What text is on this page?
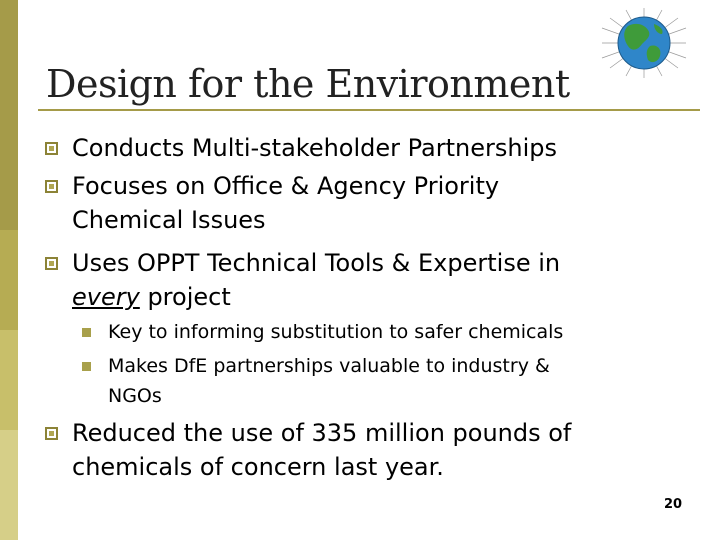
Design for the Environment
Conducts Multi-stakeholder Partnerships
Focuses on Office & Agency Priority
Chemical Issues
Uses OPPT Technical Tools & Expertise in
every project
Key to informing substitution to safer chemicals
Makes DfE partnerships valuable to industry &
NGOs
Reduced the use of 335 million pounds of
chemicals of concern last year.
20
